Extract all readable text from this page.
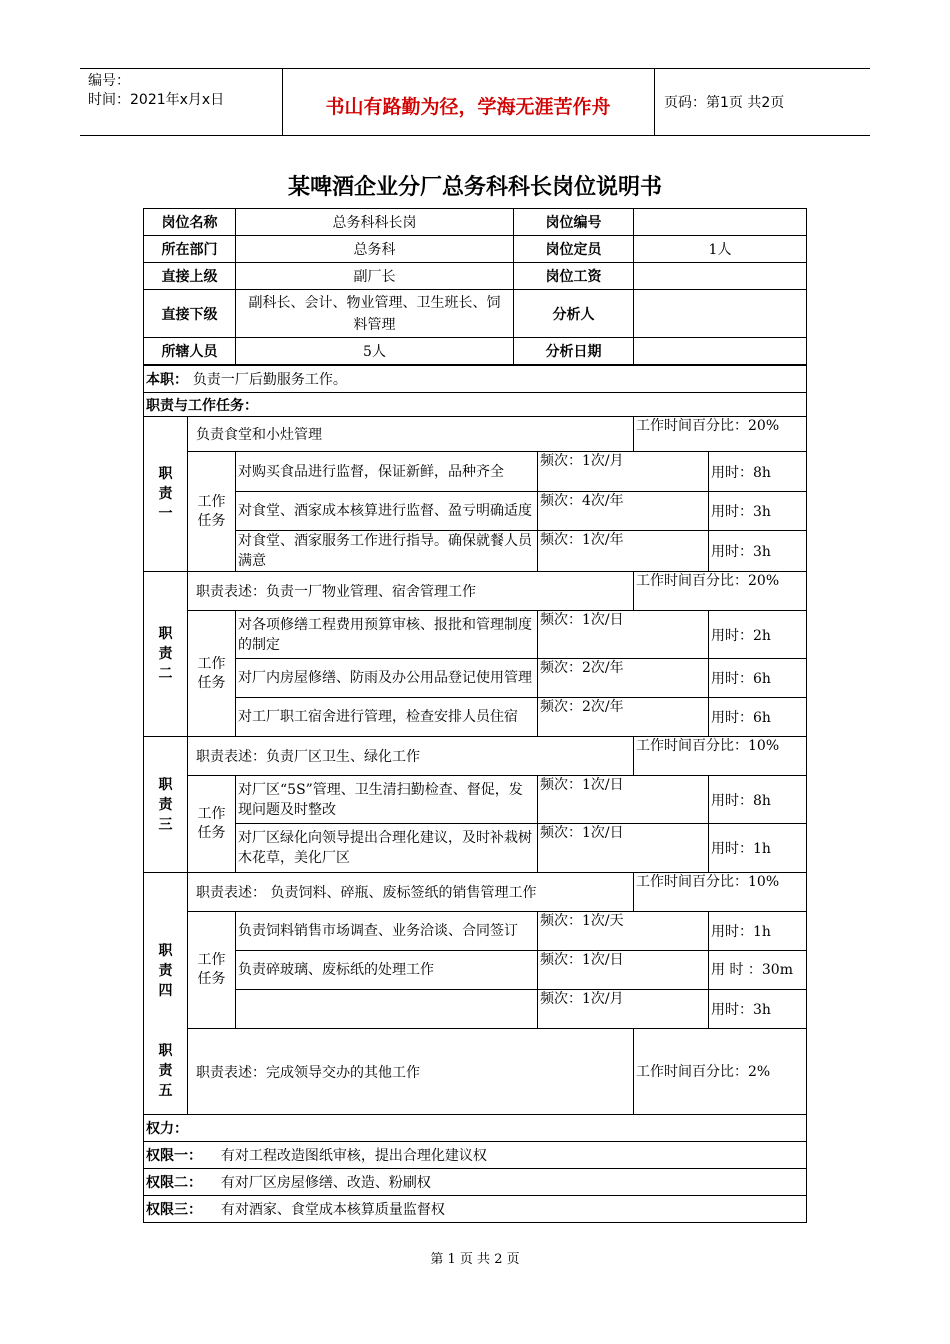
编号：
时间：2021年x月x日	书山有路勤为径，学海无涯苦作舟	页码：第1页 共2页
某啤酒企业分厂总务科科长岗位说明书
岗位名称		总务科科长岗	岗位编号			
所在部门		总务科	岗位定员		1人	
直接上级		副厂长	岗位工资			
直接下级		副科长、会计、物业管理、卫生班长、饲料管理	分析人			
所辖人员		5人	分析日期			
本职： 负责一厂后勤服务工作。						
职责与工作任务：						
职责一	负责食堂和小灶管理				工作时间百分比：20%	
	工作任务	对购买食品进行监督，保证新鲜，品种齐全		频次：1次/月		用时：8h
		对食堂、酒家成本核算进行监督、盈亏明确适度		频次：4次/年		用时：3h
		对食堂、酒家服务工作进行指导。确保就餐人员满意		频次：1次/年		用时：3h
职责二	职责表述：负责一厂物业管理、宿舍管理工作				工作时间百分比：20%	
	工作任务	对各项修缮工程费用预算审核、报批和管理制度的制定		频次：1次/日		用时：2h
		对厂内房屋修缮、防雨及办公用品登记使用管理		频次：2次/年		用时：6h
		对工厂职工宿舍进行管理，检查安排人员住宿		频次：2次/年		用时：6h
职责三	职责表述：负责厂区卫生、绿化工作				工作时间百分比：10%	
	工作任务	对厂区“5S”管理、卫生清扫勤检查、督促，发现问题及时整改		频次：1次/日		用时：8h
		对厂区绿化向领导提出合理化建议，及时补栽树木花草，美化厂区		频次：1次/日		用时：1h
职责四	职责表述： 负责饲料、碎瓶、废标签纸的销售管理工作				工作时间百分比：10%	
	工作任务	负责饲料销售市场调查、业务洽谈、合同签订		频次：1次/天		用时：1h
		负责碎玻璃、废标纸的处理工作		频次：1次/日		用 时 ：30m
				频次：1次/月		用时：3h
职责五	职责表述：完成领导交办的其他工作				工作时间百分比：2%	
权力：						
权限一： 有对工程改造图纸审核，提出合理化建议权						
权限二： 有对厂区房屋修缮、改造、粉刷权						
权限三： 有对酒家、食堂成本核算质量监督权						
第 1 页 共 2 页
